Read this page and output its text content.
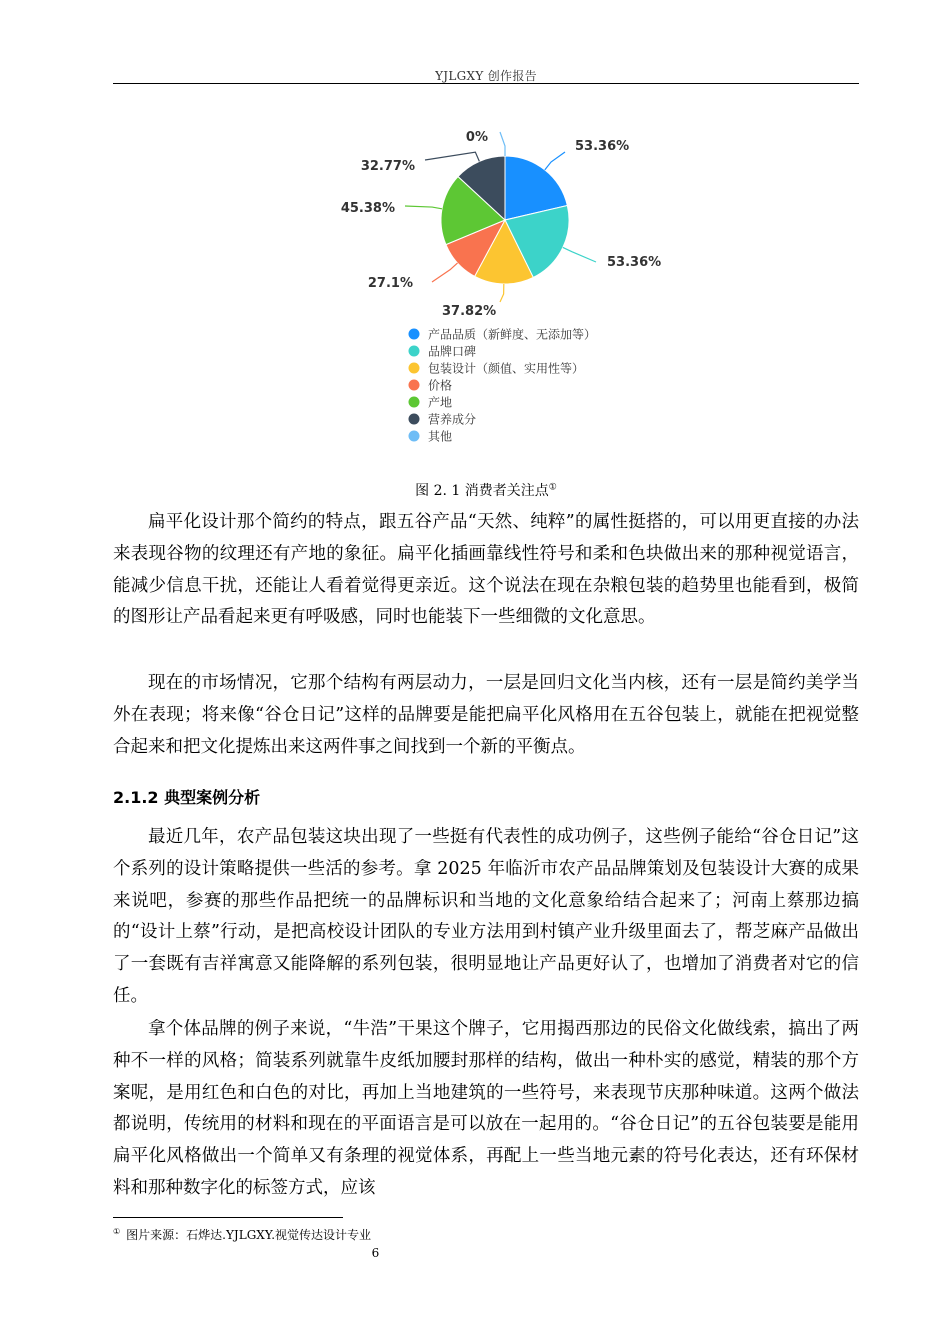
YJLGXY 创作报告
53.36%
53.36%
37.82%
27.1%
45.38%
32.77%
0%
产品品质（新鲜度、无添加等）
品牌口碑
包装设计（颜值、实用性等）
价格
产地
营养成分
其他
图 2. 1 消费者关注点①

扁平化设计那个简约的特点，跟五谷产品“天然、纯粹”的属性挺搭的，可以用更直接的办法来表现谷物的纹理还有产地的象征。扁平化插画靠线性符号和柔和色块做出来的那种视觉语言，能减少信息干扰，还能让人看着觉得更亲近。这个说法在现在杂粮包装的趋势里也能看到，极简的图形让产品看起来更有呼吸感，同时也能装下一些细微的文化意思。

现在的市场情况，它那个结构有两层动力，一层是回归文化当内核，还有一层是简约美学当外在表现；将来像“谷仓日记”这样的品牌要是能把扁平化风格用在五谷包装上，就能在把视觉整合起来和把文化提炼出来这两件事之间找到一个新的平衡点。

2.1.2 典型案例分析

最近几年，农产品包装这块出现了一些挺有代表性的成功例子，这些例子能给“谷仓日记”这个系列的设计策略提供一些活的参考。拿 2025 年临沂市农产品品牌策划及包装设计大赛的成果来说吧，参赛的那些作品把统一的品牌标识和当地的文化意象给结合起来了；河南上蔡那边搞的“设计上蔡”行动，是把高校设计团队的专业方法用到村镇产业升级里面去了，帮芝麻产品做出了一套既有吉祥寓意又能降解的系列包装，很明显地让产品更好认了，也增加了消费者对它的信任。

拿个体品牌的例子来说，“牛浩”干果这个牌子，它用揭西那边的民俗文化做线索，搞出了两种不一样的风格；简装系列就靠牛皮纸加腰封那样的结构，做出一种朴实的感觉，精装的那个方案呢，是用红色和白色的对比，再加上当地建筑的一些符号，来表现节庆那种味道。这两个做法都说明，传统用的材料和现在的平面语言是可以放在一起用的。“谷仓日记”的五谷包装要是能用扁平化风格做出一个简单又有条理的视觉体系，再配上一些当地元素的符号化表达，还有环保材料和那种数字化的标签方式，应该

① 图片来源：石烨达.YJLGXY.视觉传达设计专业
6
